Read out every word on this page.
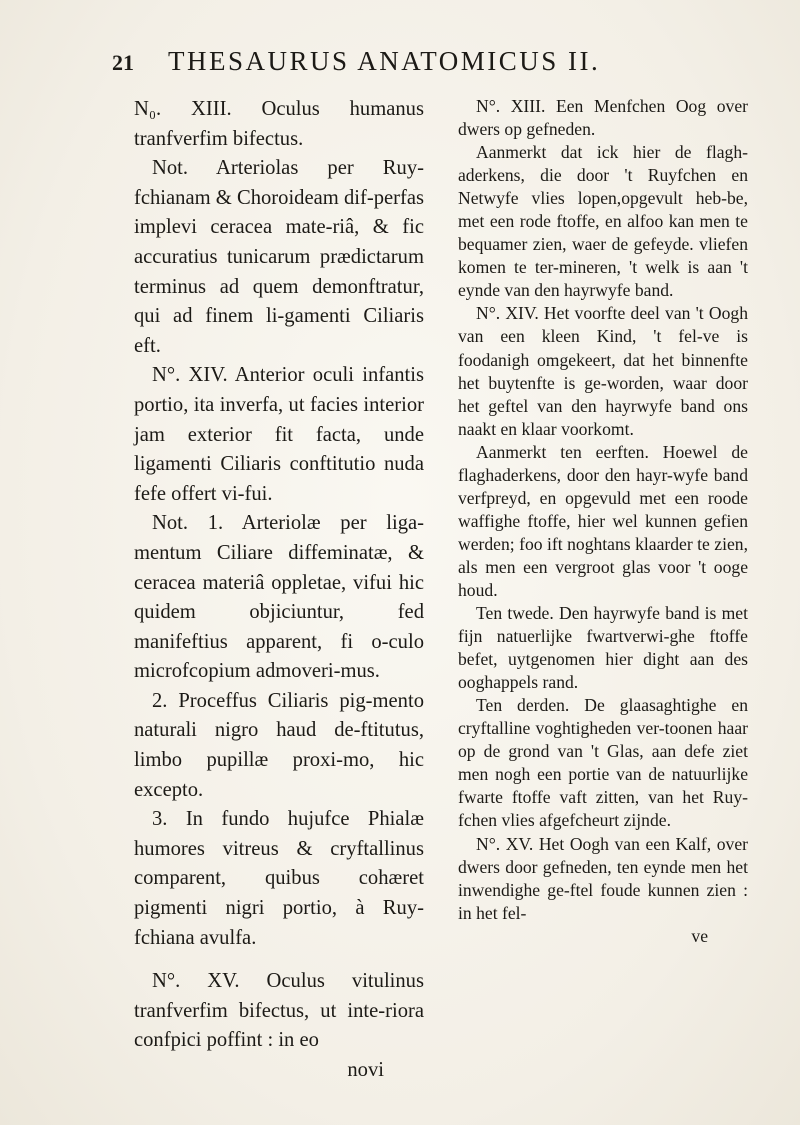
21 THESAURUS ANATOMICUS II.

N₀. XIII. Oculus humanus tranfverfim bifectus.

Not. Arteriolas per Ruy-fchianam & Choroideam dif-perfas implevi ceracea mate-riâ, & fic accuratius tunicarum prædictarum terminus ad quem demonftratur, qui ad finem li-gamenti Ciliaris eft.

N°. XIV. Anterior oculi infantis portio, ita inverfa, ut facies interior jam exterior fit facta, unde ligamenti Ciliaris conftitutio nuda fefe offert vi-fui.

Not. 1. Arteriolæ per liga-mentum Ciliare diffeminatæ, & ceracea materiâ oppletae, vifui hic quidem objiciuntur, fed manifeftius apparent, fi o-culo microfcopium admoveri-mus.

2. Proceffus Ciliaris pig-mento naturali nigro haud de-ftitutus, limbo pupillæ proxi-mo, hic excepto.

3. In fundo hujufce Phialæ humores vitreus & cryftallinus comparent, quibus cohæret pigmenti nigri portio, à Ruy-fchiana avulfa.

N°. XV. Oculus vitulinus tranfverfim bifectus, ut inte-riora confpici poffint : in eo

novi

N°. XIII. Een Menfchen Oog over dwers op gefneden.

Aanmerkt dat ick hier de flagh-aderkens, die door 't Ruyfchen en Netwyfe vlies lopen,opgevult heb-be, met een rode ftoffe, en alfoo kan men te bequamer zien, waer de gefeyde. vliefen komen te ter-mineren, 't welk is aan 't eynde van den hayrwyfe band.

N°. XIV. Het voorfte deel van 't Oogh van een kleen Kind, 't fel-ve is foodanigh omgekeert, dat het binnenfte het buytenfte is ge-worden, waar door het geftel van den hayrwyfe band ons naakt en klaar voorkomt.

Aanmerkt ten eerften. Hoewel de flaghaderkens, door den hayr-wyfe band verfpreyd, en opgevuld met een roode waffighe ftoffe, hier wel kunnen gefien werden; foo ift noghtans klaarder te zien, als men een vergroot glas voor 't ooge houd.

Ten twede. Den hayrwyfe band is met fijn natuerlijke fwartverwi-ghe ftoffe befet, uytgenomen hier dight aan des ooghappels rand.

Ten derden. De glaasaghtighe en cryftalline voghtigheden ver-toonen haar op de grond van 't Glas, aan defe ziet men nogh een portie van de natuurlijke fwarte ftoffe vaft zitten, van het Ruy-fchen vlies afgefcheurt zijnde.

N°. XV. Het Oogh van een Kalf, over dwers door gefneden, ten eynde men het inwendighe ge-ftel foude kunnen zien : in het fel-

ve
